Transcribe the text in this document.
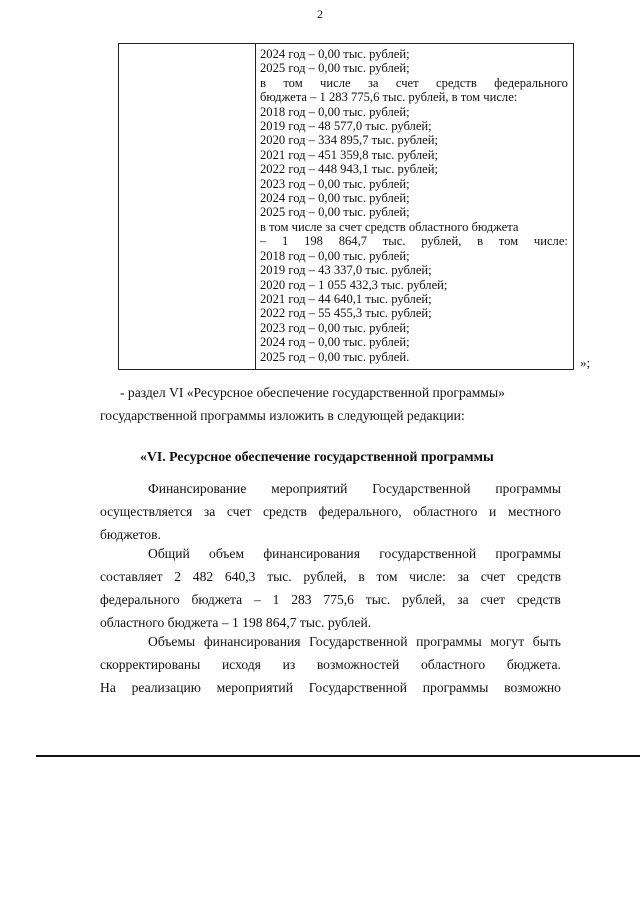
2
2024 год – 0,00 тыс. рублей;
2025 год – 0,00 тыс. рублей;
в том числе за счет средств федерального
бюджета – 1 283 775,6 тыс. рублей, в том числе:
2018 год – 0,00 тыс. рублей;
2019 год – 48 577,0 тыс. рублей;
2020 год – 334 895,7 тыс. рублей;
2021 год – 451 359,8 тыс. рублей;
2022 год – 448 943,1 тыс. рублей;
2023 год – 0,00 тыс. рублей;
2024 год – 0,00 тыс. рублей;
2025 год – 0,00 тыс. рублей;
в том числе за счет средств областного бюджета
– 1 198 864,7 тыс. рублей, в том числе:
2018 год – 0,00 тыс. рублей;
2019 год – 43 337,0 тыс. рублей;
2020 год – 1 055 432,3 тыс. рублей;
2021 год – 44 640,1 тыс. рублей;
2022 год – 55 455,3 тыс. рублей;
2023 год – 0,00 тыс. рублей;
2024 год – 0,00 тыс. рублей;
2025 год – 0,00 тыс. рублей.	»;
- раздел VI «Ресурсное обеспечение государственной программы»
государственной программы изложить в следующей редакции:
«VI. Ресурсное обеспечение государственной программы
Финансирование мероприятий Государственной программы
осуществляется за счет средств федерального, областного и местного
бюджетов.
Общий объем финансирования государственной программы
составляет 2 482 640,3 тыс. рублей, в том числе: за счет средств
федерального бюджета – 1 283 775,6 тыс. рублей, за счет средств
областного бюджета – 1 198 864,7 тыс. рублей.
Объемы финансирования Государственной программы могут быть
скорректированы исходя из возможностей областного бюджета.
На реализацию мероприятий Государственной программы возможно
